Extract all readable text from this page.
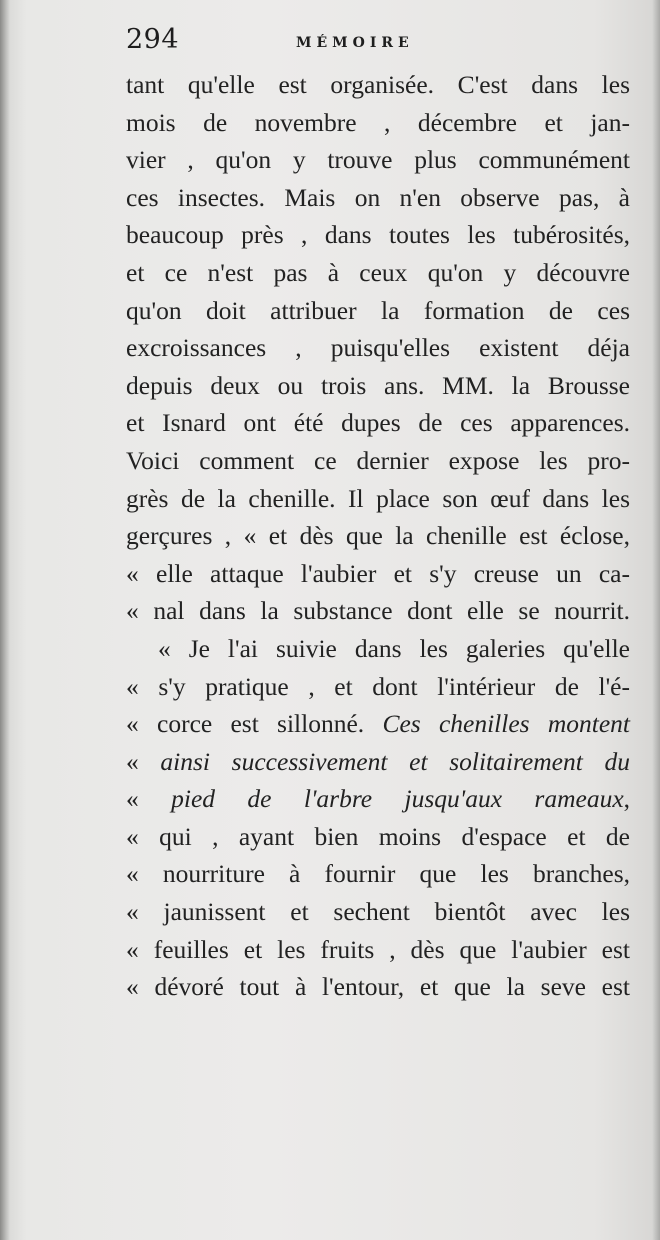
294	MÉMOIRE
tant qu'elle est organisée. C'est dans les
mois de novembre , décembre et jan-
vier , qu'on y trouve plus communément
ces insectes. Mais on n'en observe pas, à
beaucoup près , dans toutes les tubérosités,
et ce n'est pas à ceux qu'on y découvre
qu'on doit attribuer la formation de ces
excroissances , puisqu'elles existent déja
depuis deux ou trois ans. MM. la Brousse
et Isnard ont été dupes de ces apparences.
Voici comment ce dernier expose les pro-
grès de la chenille. Il place son œuf dans les
gerçures , « et dès que la chenille est éclose,
« elle attaque l'aubier et s'y creuse un ca-
« nal dans la substance dont elle se nourrit.
« Je l'ai suivie dans les galeries qu'elle
« s'y pratique , et dont l'intérieur de l'é-
« corce est sillonné. Ces chenilles montent
« ainsi successivement et solitairement du
« pied de l'arbre jusqu'aux rameaux,
« qui , ayant bien moins d'espace et de
« nourriture à fournir que les branches,
« jaunissent et sechent bientôt avec les
« feuilles et les fruits , dès que l'aubier est
« dévoré tout à l'entour, et que la seve est
